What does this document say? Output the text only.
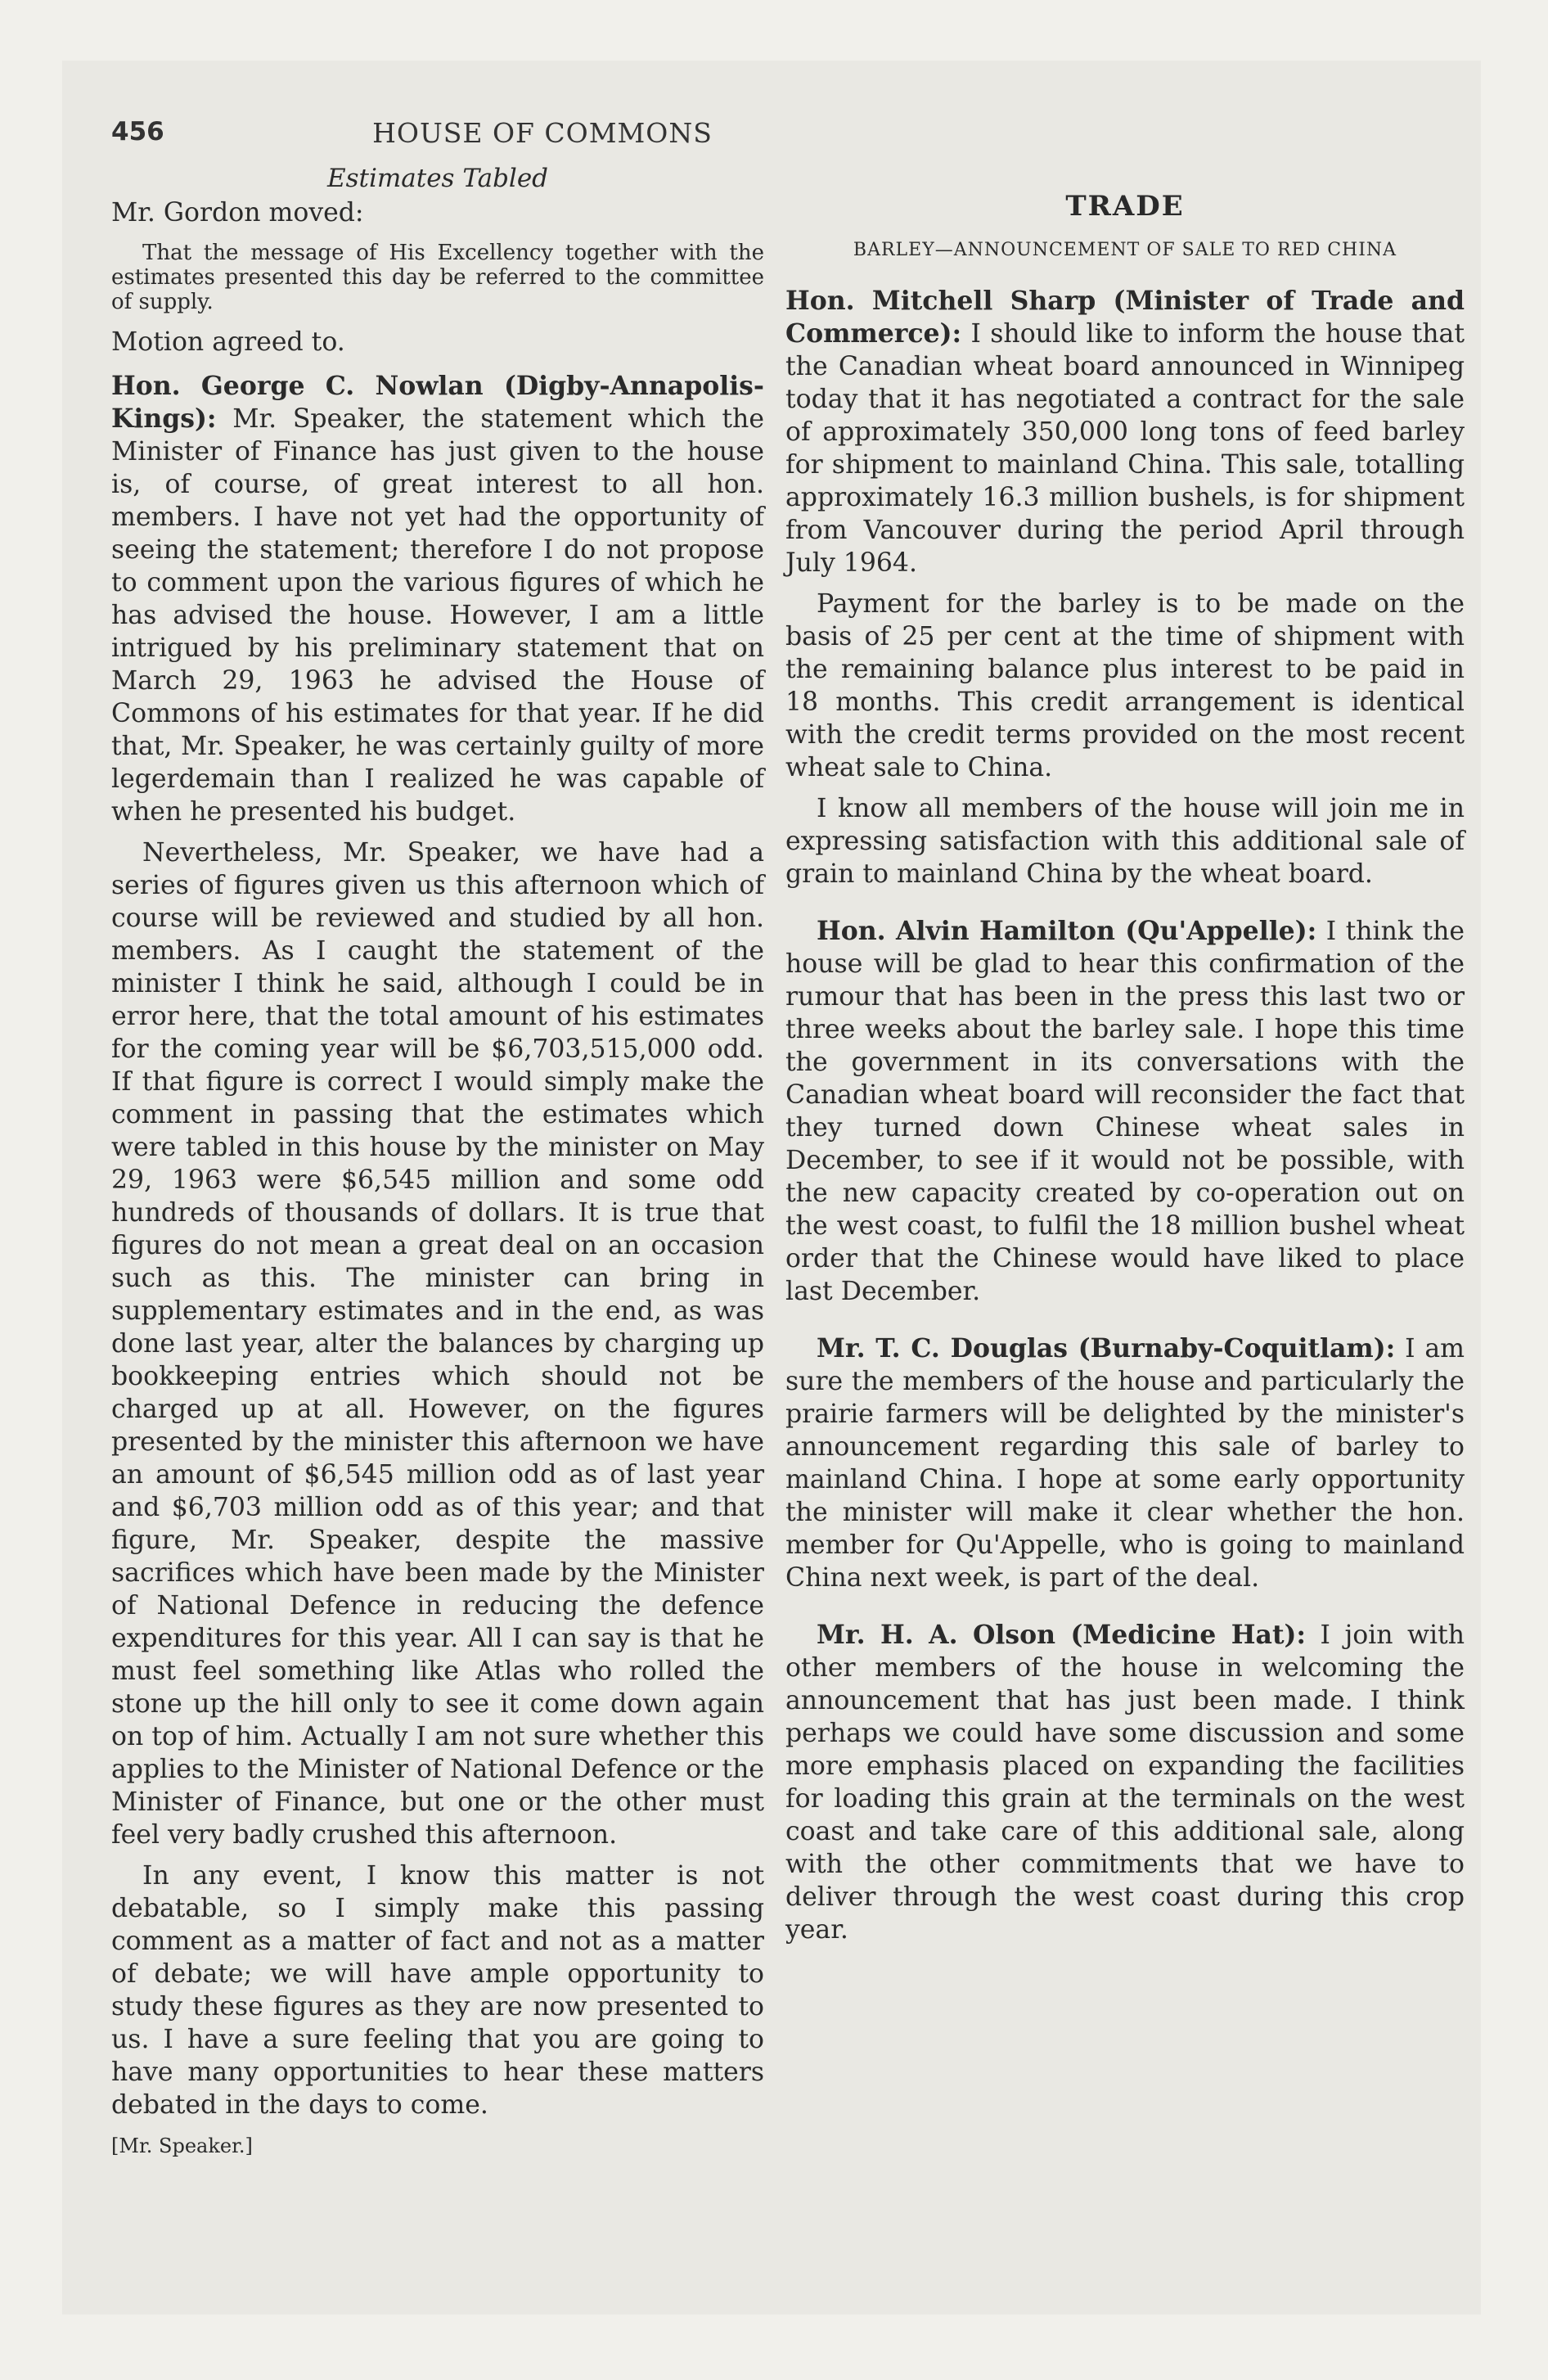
456	HOUSE OF COMMONS

Estimates Tabled

Mr. Gordon moved:

That the message of His Excellency together with the estimates presented this day be referred to the committee of supply.

Motion agreed to.

Hon. George C. Nowlan (Digby-Annapolis-Kings): Mr. Speaker, the statement which the Minister of Finance has just given to the house is, of course, of great interest to all hon. members. I have not yet had the opportunity of seeing the statement; therefore I do not propose to comment upon the various figures of which he has advised the house. However, I am a little intrigued by his preliminary statement that on March 29, 1963 he advised the House of Commons of his estimates for that year. If he did that, Mr. Speaker, he was certainly guilty of more legerdemain than I realized he was capable of when he presented his budget.

Nevertheless, Mr. Speaker, we have had a series of figures given us this afternoon which of course will be reviewed and studied by all hon. members. As I caught the statement of the minister I think he said, although I could be in error here, that the total amount of his estimates for the coming year will be $6,703,515,000 odd. If that figure is correct I would simply make the comment in passing that the estimates which were tabled in this house by the minister on May 29, 1963 were $6,545 million and some odd hundreds of thousands of dollars. It is true that figures do not mean a great deal on an occasion such as this. The minister can bring in supplementary estimates and in the end, as was done last year, alter the balances by charging up bookkeeping entries which should not be charged up at all. However, on the figures presented by the minister this afternoon we have an amount of $6,545 million odd as of last year and $6,703 million odd as of this year; and that figure, Mr. Speaker, despite the massive sacrifices which have been made by the Minister of National Defence in reducing the defence expenditures for this year. All I can say is that he must feel something like Atlas who rolled the stone up the hill only to see it come down again on top of him. Actually I am not sure whether this applies to the Minister of National Defence or the Minister of Finance, but one or the other must feel very badly crushed this afternoon.

In any event, I know this matter is not debatable, so I simply make this passing comment as a matter of fact and not as a matter of debate; we will have ample opportunity to study these figures as they are now presented to us. I have a sure feeling that you are going to have many opportunities to hear these matters debated in the days to come.

[Mr. Speaker.]

TRADE

BARLEY—ANNOUNCEMENT OF SALE TO RED CHINA

Hon. Mitchell Sharp (Minister of Trade and Commerce): I should like to inform the house that the Canadian wheat board announced in Winnipeg today that it has negotiated a contract for the sale of approximately 350,000 long tons of feed barley for shipment to mainland China. This sale, totalling approximately 16.3 million bushels, is for shipment from Vancouver during the period April through July 1964.

Payment for the barley is to be made on the basis of 25 per cent at the time of shipment with the remaining balance plus interest to be paid in 18 months. This credit arrangement is identical with the credit terms provided on the most recent wheat sale to China.

I know all members of the house will join me in expressing satisfaction with this additional sale of grain to mainland China by the wheat board.

Hon. Alvin Hamilton (Qu'Appelle): I think the house will be glad to hear this confirmation of the rumour that has been in the press this last two or three weeks about the barley sale. I hope this time the government in its conversations with the Canadian wheat board will reconsider the fact that they turned down Chinese wheat sales in December, to see if it would not be possible, with the new capacity created by co-operation out on the west coast, to fulfil the 18 million bushel wheat order that the Chinese would have liked to place last December.

Mr. T. C. Douglas (Burnaby-Coquitlam): I am sure the members of the house and particularly the prairie farmers will be delighted by the minister's announcement regarding this sale of barley to mainland China. I hope at some early opportunity the minister will make it clear whether the hon. member for Qu'Appelle, who is going to mainland China next week, is part of the deal.

Mr. H. A. Olson (Medicine Hat): I join with other members of the house in welcoming the announcement that has just been made. I think perhaps we could have some discussion and some more emphasis placed on expanding the facilities for loading this grain at the terminals on the west coast and take care of this additional sale, along with the other commitments that we have to deliver through the west coast during this crop year.
